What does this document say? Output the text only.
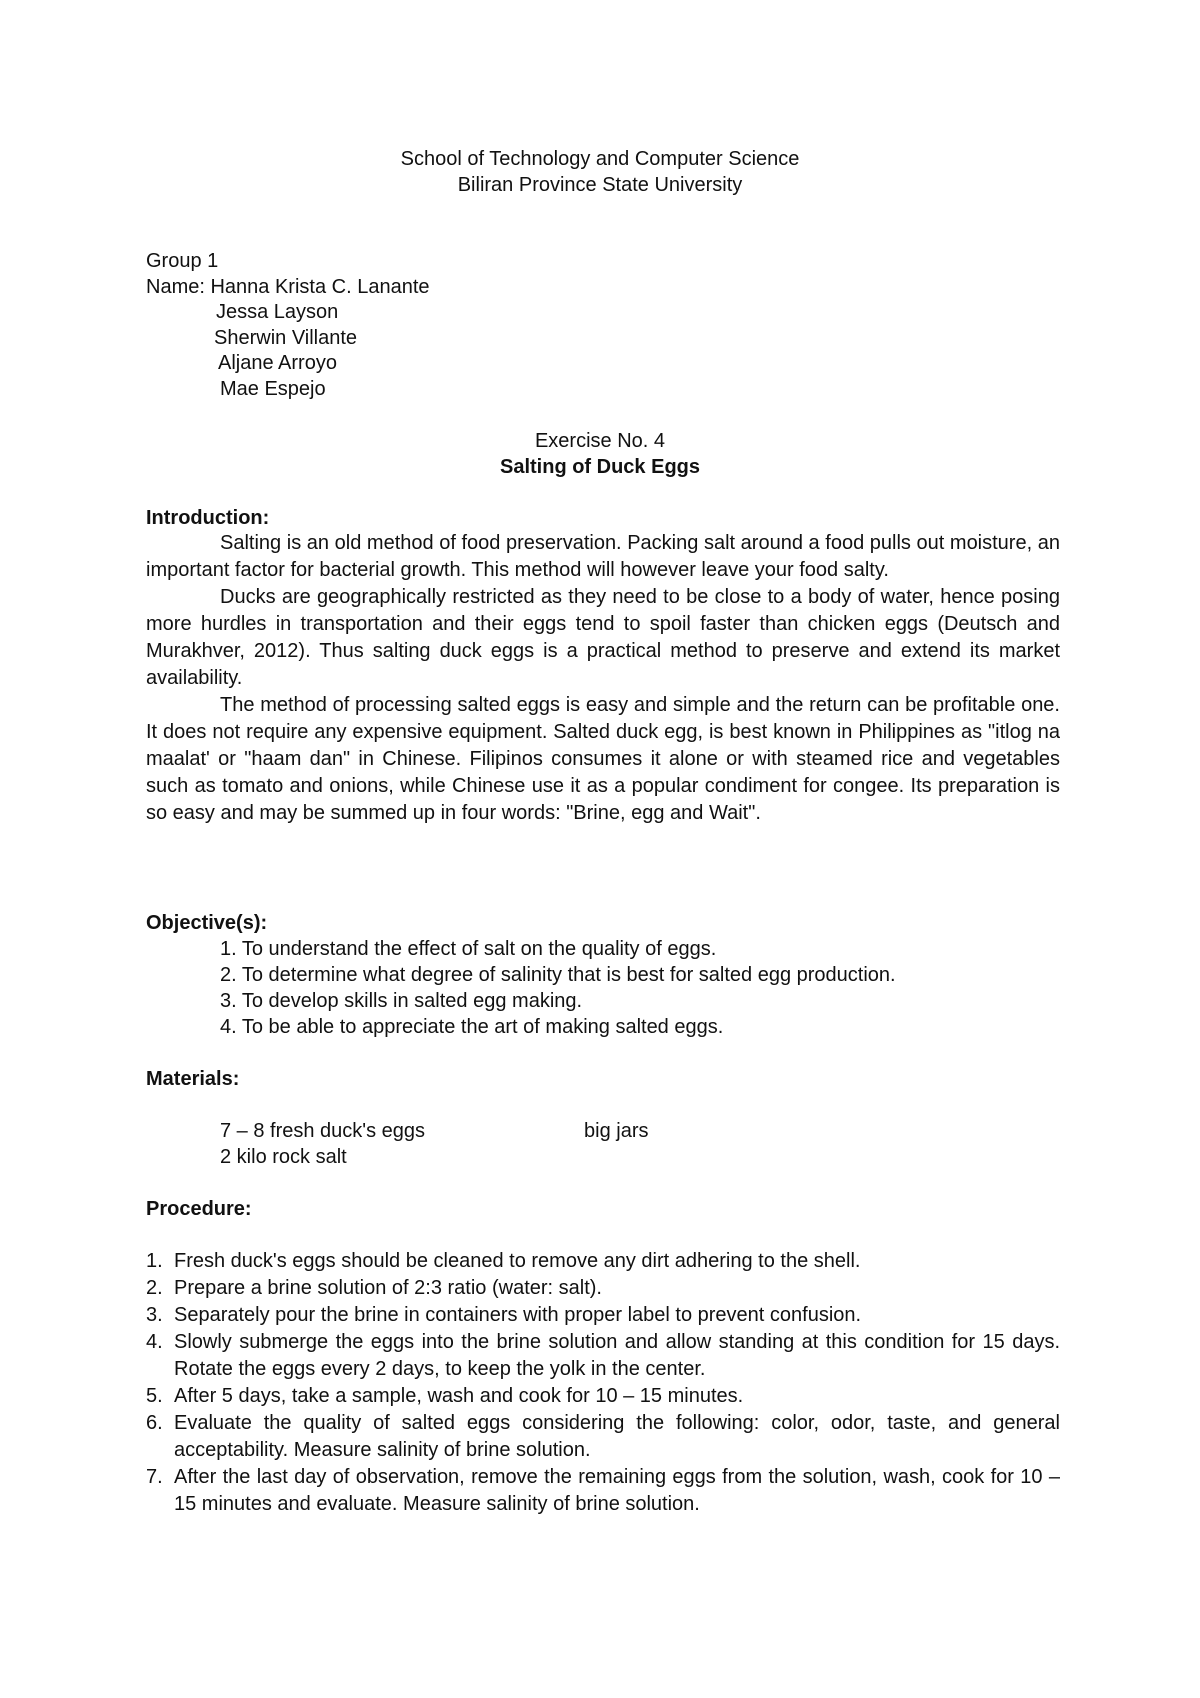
School of Technology and Computer Science
Biliran Province State University
Group 1
Name: Hanna Krista C. Lanante
Jessa Layson
Sherwin Villante
Aljane Arroyo
Mae Espejo
Exercise No. 4
Salting of Duck Eggs
Introduction:
Salting is an old method of food preservation. Packing salt around a food pulls out moisture, an important factor for bacterial growth. This method will however leave your food salty.
Ducks are geographically restricted as they need to be close to a body of water, hence posing more hurdles in transportation and their eggs tend to spoil faster than chicken eggs (Deutsch and Murakhver, 2012). Thus salting duck eggs is a practical method to preserve and extend its market availability.
The method of processing salted eggs is easy and simple and the return can be profitable one. It does not require any expensive equipment. Salted duck egg, is best known in Philippines as "itlog na maalat' or "haam dan" in Chinese. Filipinos consumes it alone or with steamed rice and vegetables such as tomato and onions, while Chinese use it as a popular condiment for congee. Its preparation is so easy and may be summed up in four words: "Brine, egg and Wait".
Objective(s):
1. To understand the effect of salt on the quality of eggs.
2. To determine what degree of salinity that is best for salted egg production.
3. To develop skills in salted egg making.
4. To be able to appreciate the art of making salted eggs.
Materials:
7 – 8 fresh duck's eggs	big jars
2 kilo rock salt
Procedure:
1. Fresh duck's eggs should be cleaned to remove any dirt adhering to the shell.
2. Prepare a brine solution of 2:3 ratio (water: salt).
3. Separately pour the brine in containers with proper label to prevent confusion.
4. Slowly submerge the eggs into the brine solution and allow standing at this condition for 15 days. Rotate the eggs every 2 days, to keep the yolk in the center.
5. After 5 days, take a sample, wash and cook for 10 – 15 minutes.
6. Evaluate the quality of salted eggs considering the following: color, odor, taste, and general acceptability. Measure salinity of brine solution.
7. After the last day of observation, remove the remaining eggs from the solution, wash, cook for 10 – 15 minutes and evaluate. Measure salinity of brine solution.
